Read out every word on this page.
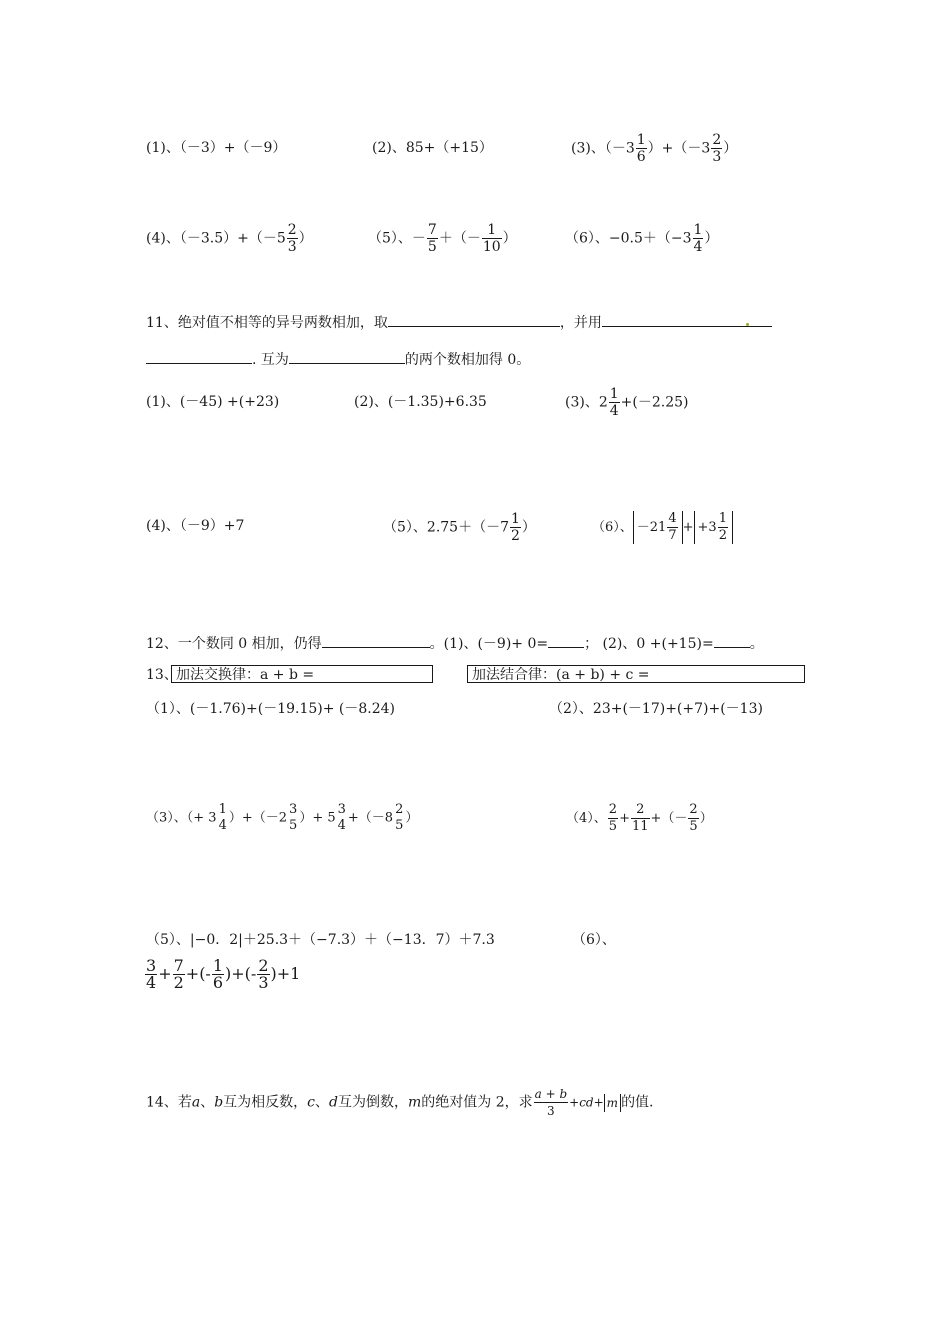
(1)、（－3）+（－9）	(2)、85+（+15）	(3)、$(-3 \frac{1}{6} )+(-3 \frac{2}{3}$ ）
(4)、$(-3.5)+(-5 \frac{2}{3}$ ）	（5）、－ $\frac{7}{5}$ ＋（－ $\frac{1}{10}$ ）	（6）、$-0.5+(-3 \frac{1}{4}$ ）
11、绝对值不相等的异号两数相加，取	，并用
. 互为	的两个数相加得 0。
(1)、(－45) +(+23)	(2)、(－1.35)+6.35	(3)、$2 \frac{1}{4} +(-2.25)$
(4)、（－9）+7	（5）、$2.75+(-7 \frac{1}{2}$ ）	（6）、 $-21 \frac{4}{7} + +3 \frac{1}{2}$
12、一个数同 0 相加，仍得	。(1)、(－9)+ 0=	； (2)、0 +(+15)=	。
13、
加法交换律：a + b =	加法结合律：(a + b) + c =
（1）、(－1.76)+(－19.15)+ (－8.24)	（2）、23+(－17)+(+7)+(－13)
（3）、（+ 3
1
4 ）+（－2
3
5 ）+ 5
3
4 +（－8
2
5 ）	（4）、 $\frac{2}{5} + \frac{2}{11}$ +（－ $\frac{2}{5}$ ）
（5）、|−0．2|＋25.3＋（−7.3）＋（−13．7）＋7.3	（6）、
$\frac{3}{4} + \frac{7}{2}$ +(- $\frac{1}{6}$ )+(- $\frac{2}{3} )+1$
14、若a、b互为相反数，c、d互为倒数，m的绝对值为 2，求 $\frac{a + b}{3} +cd+ m$ 的值.
